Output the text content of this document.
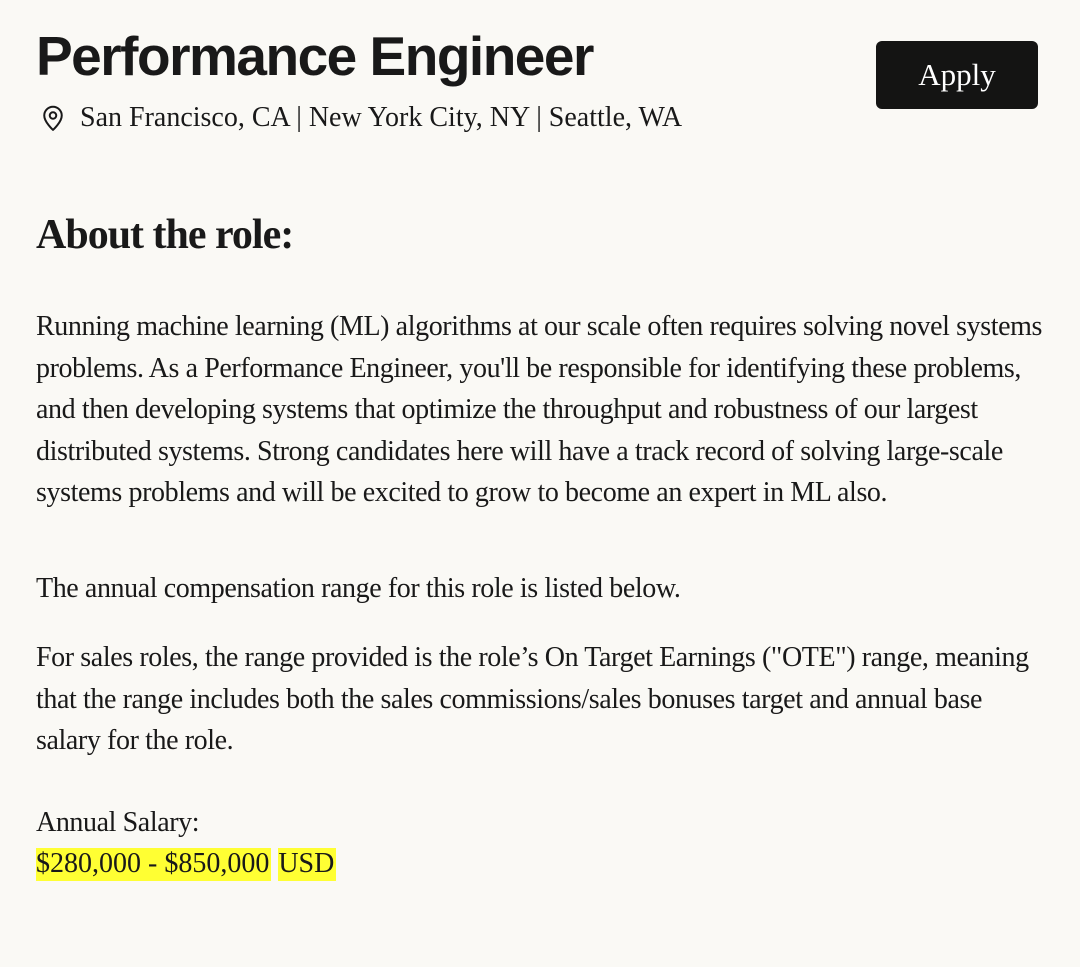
Performance Engineer
San Francisco, CA | New York City, NY | Seattle, WA
Apply
About the role:

Running machine learning (ML) algorithms at our scale often requires solving novel systems problems. As a Performance Engineer, you'll be responsible for identifying these problems, and then developing systems that optimize the throughput and robustness of our largest distributed systems. Strong candidates here will have a track record of solving large-scale systems problems and will be excited to grow to become an expert in ML also.

The annual compensation range for this role is listed below.

For sales roles, the range provided is the role’s On Target Earnings ("OTE") range, meaning that the range includes both the sales commissions/sales bonuses target and annual base salary for the role.

Annual Salary:

$280,000 - $850,000 USD
